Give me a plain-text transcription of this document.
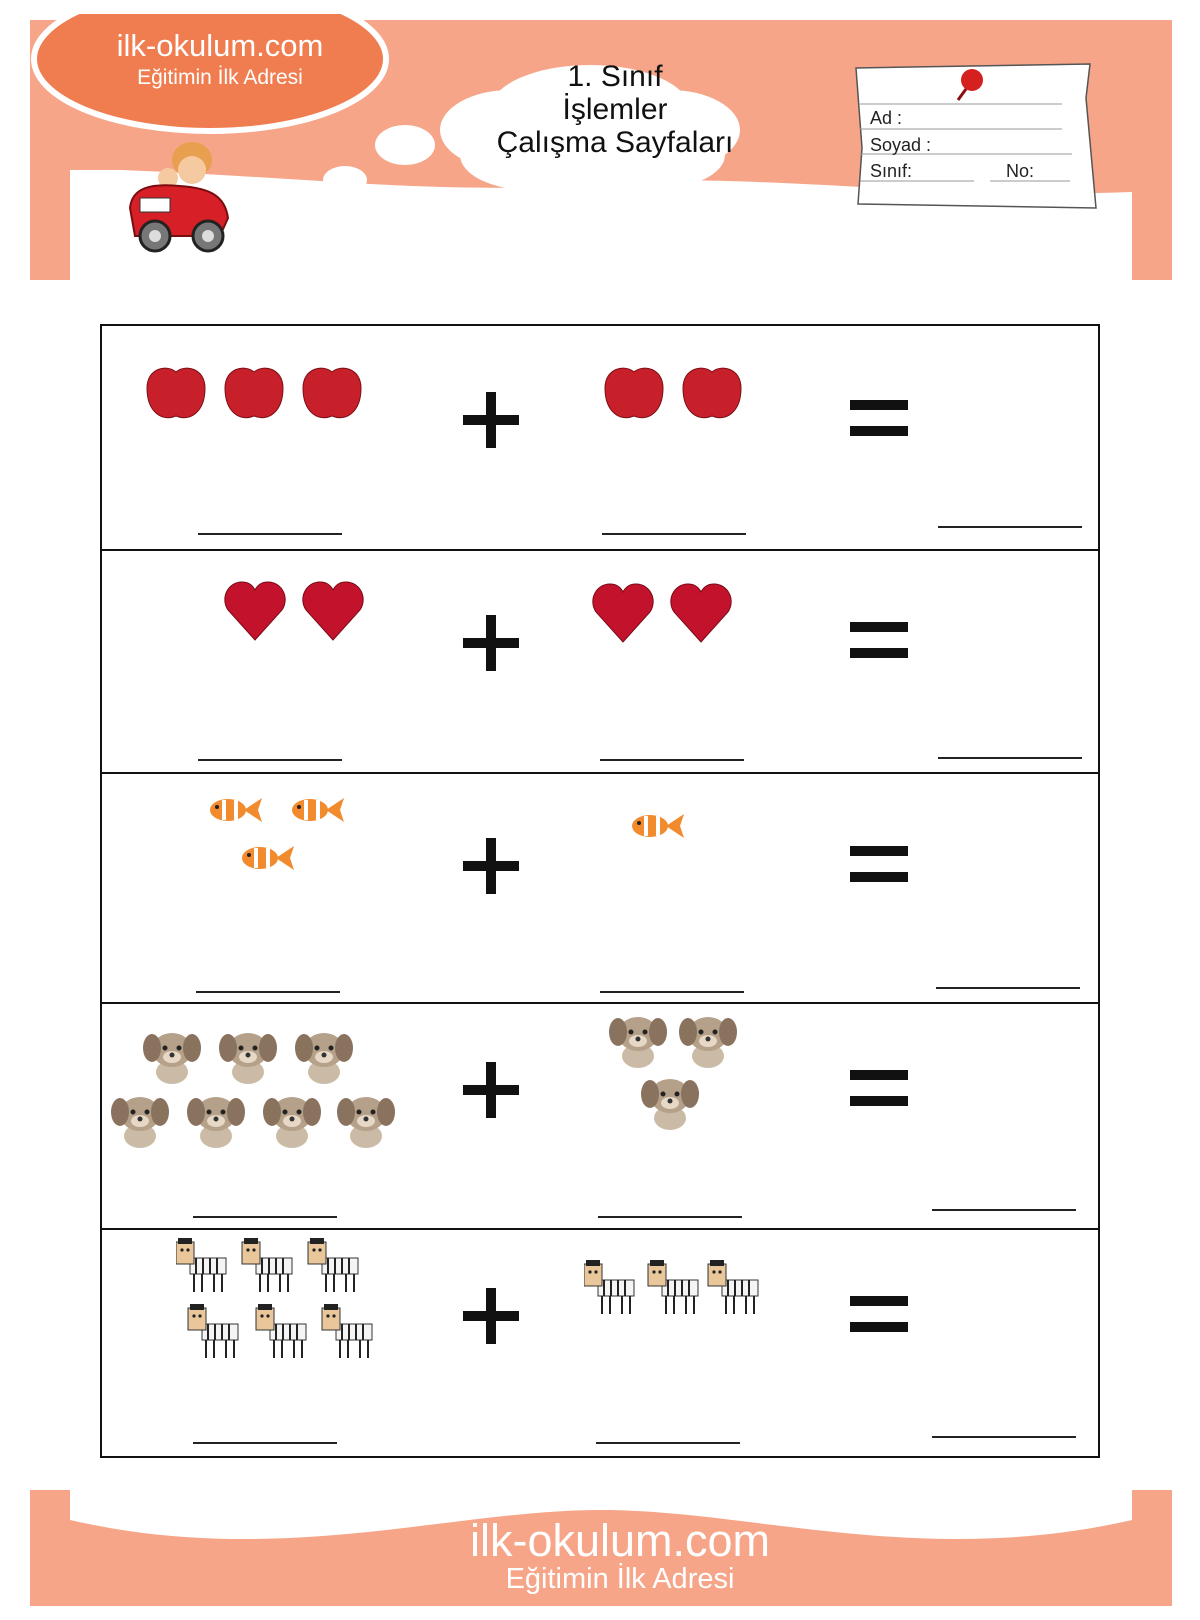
ilk-okulum.com
Eğitimin İlk Adresi	1. Sınıf
İşlemler
Çalışma Sayfaları
Ad :
Soyad :
Sınıf:	No:
ilk-okulum.com
Eğitimin İlk Adresi
